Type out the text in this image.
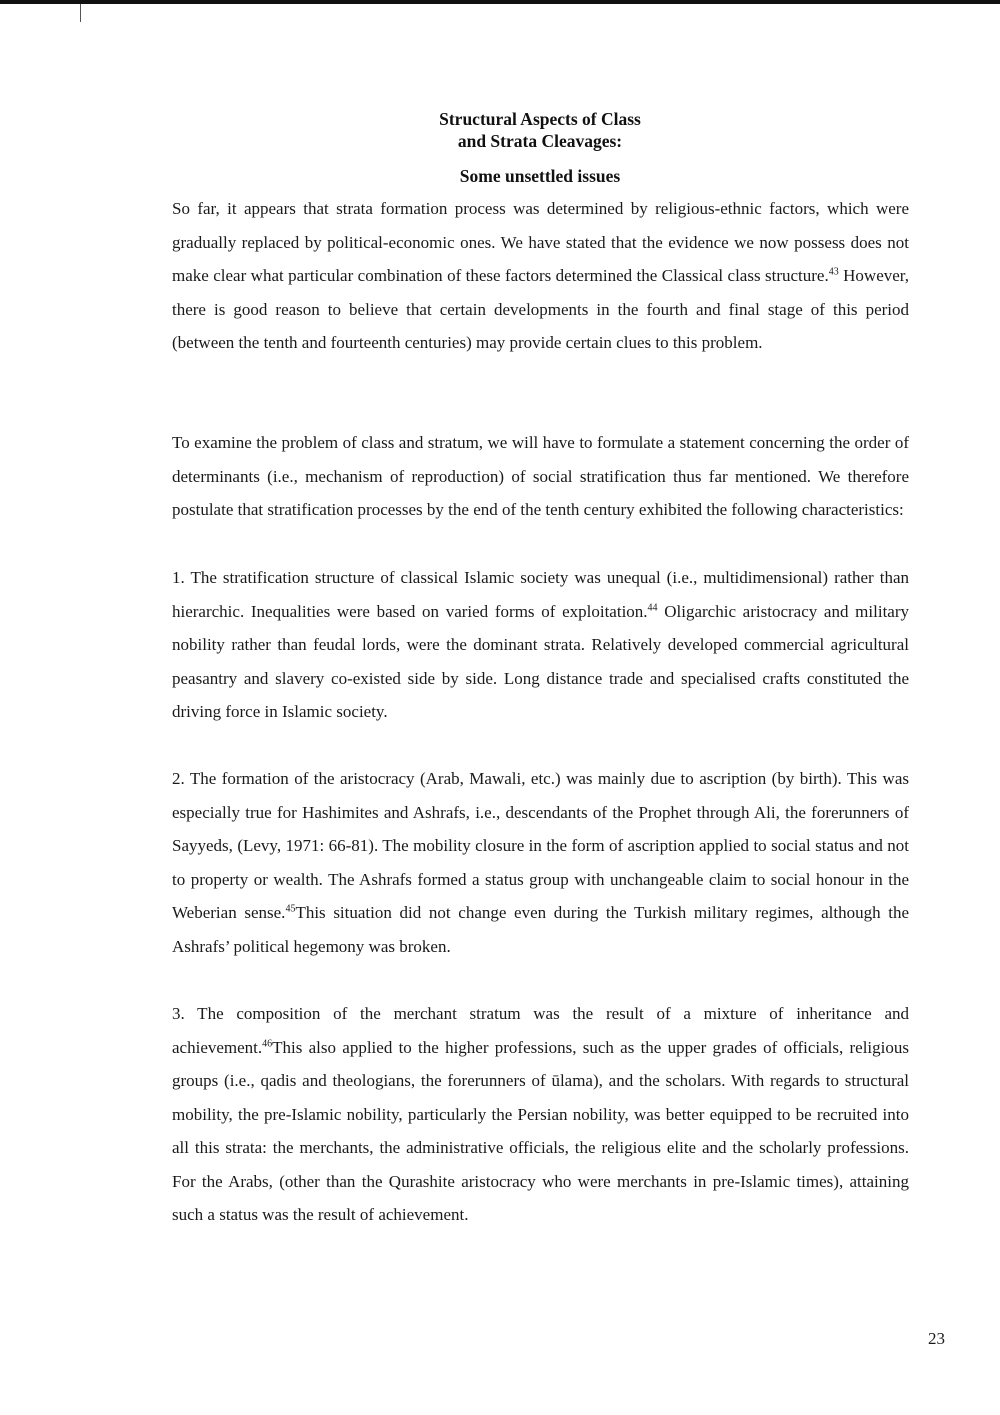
Structural Aspects of Class
and Strata Cleavages:
Some unsettled issues

So far, it appears that strata formation process was determined by religious-ethnic factors, which were gradually replaced by political-economic ones. We have stated that the evidence we now possess does not make clear what particular combination of these factors determined the Classical class structure.$^{43}$ However, there is good reason to believe that certain developments in the fourth and final stage of this period (between the tenth and fourteenth centuries) may provide certain clues to this problem.

To examine the problem of class and stratum, we will have to formulate a statement concerning the order of determinants (i.e., mechanism of reproduction) of social stratification thus far mentioned. We therefore postulate that stratification processes by the end of the tenth century exhibited the following characteristics:

1. The stratification structure of classical Islamic society was unequal (i.e., multidimensional) rather than hierarchic. Inequalities were based on varied forms of exploitation.$^{44}$ Oligarchic aristocracy and military nobility rather than feudal lords, were the dominant strata. Relatively developed commercial agricultural peasantry and slavery co-existed side by side. Long distance trade and specialised crafts constituted the driving force in Islamic society.

2. The formation of the aristocracy (Arab, Mawali, etc.) was mainly due to ascription (by birth). This was especially true for Hashimites and Ashrafs, i.e., descendants of the Prophet through Ali, the forerunners of Sayyeds, (Levy, 1971: 66-81). The mobility closure in the form of ascription applied to social status and not to property or wealth. The Ashrafs formed a status group with unchangeable claim to social honour in the Weberian sense.$^{45}$This situation did not change even during the Turkish military regimes, although the Ashrafs’ political hegemony was broken.

3. The composition of the merchant stratum was the result of a mixture of inheritance and achievement.$^{46}$This also applied to the higher professions, such as the upper grades of officials, religious groups (i.e., qadis and theologians, the forerunners of ūlama), and the scholars. With regards to structural mobility, the pre-Islamic nobility, particularly the Persian nobility, was better equipped to be recruited into all this strata: the merchants, the administrative officials, the religious elite and the scholarly professions. For the Arabs, (other than the Qurashite aristocracy who were merchants in pre-Islamic times), attaining such a status was the result of achievement.

23
